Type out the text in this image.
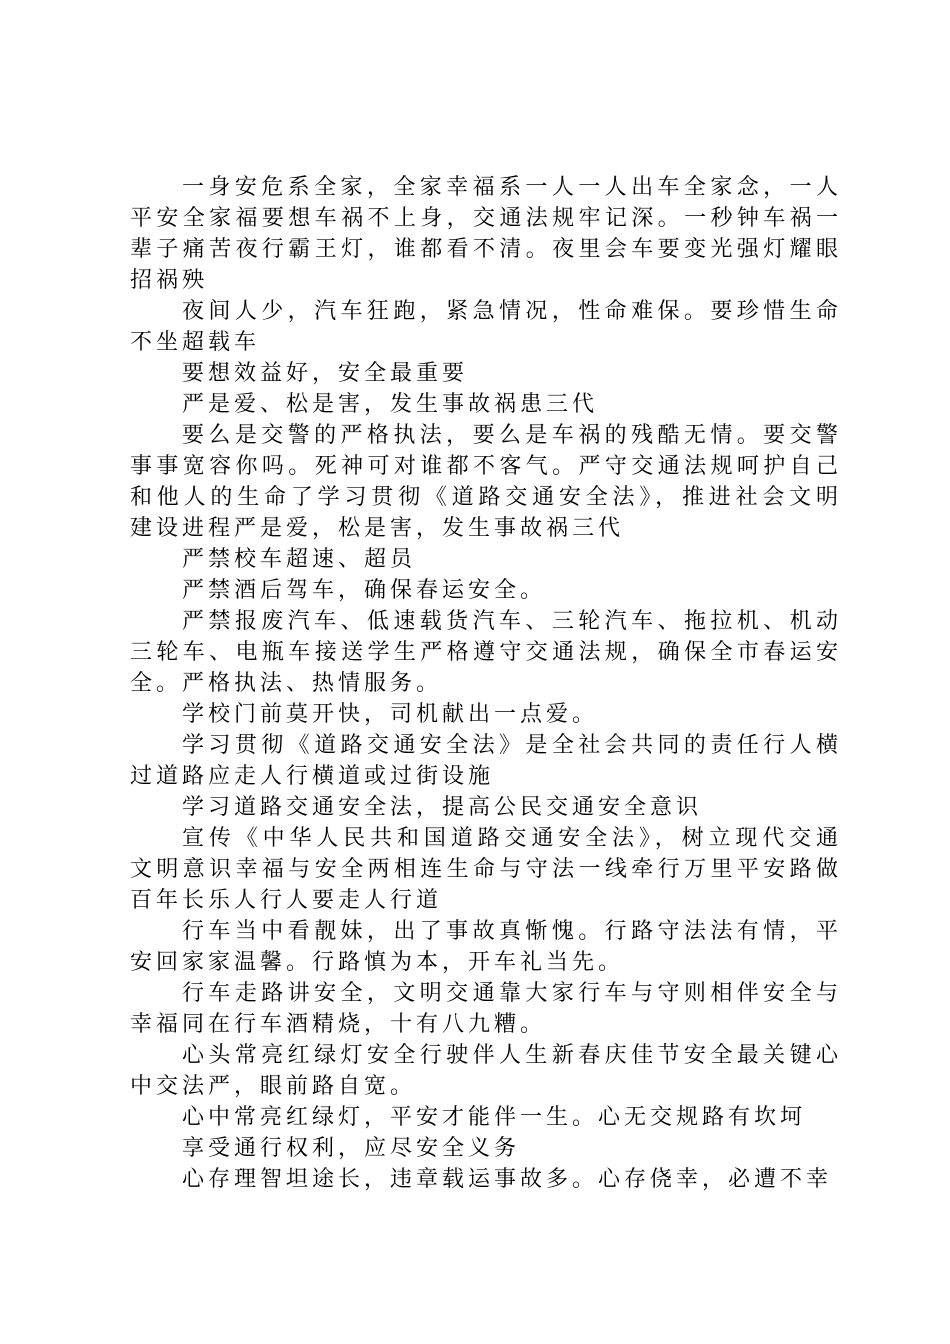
一身安危系全家，全家幸福系一人一人出车全家念，一人平安全家福要想车祸不上身，交通法规牢记深。一秒钟车祸一辈子痛苦夜行霸王灯，谁都看不清。夜里会车要变光强灯耀眼招祸殃

夜间人少，汽车狂跑，紧急情况，性命难保。要珍惜生命不坐超载车

要想效益好，安全最重要

严是爱、松是害，发生事故祸患三代

要么是交警的严格执法，要么是车祸的残酷无情。要交警事事宽容你吗。死神可对谁都不客气。严守交通法规呵护自己和他人的生命了学习贯彻《道路交通安全法》，推进社会文明建设进程严是爱，松是害，发生事故祸三代

严禁校车超速、超员

严禁酒后驾车，确保春运安全。

严禁报废汽车、低速载货汽车、三轮汽车、拖拉机、机动三轮车、电瓶车接送学生严格遵守交通法规，确保全市春运安全。严格执法、热情服务。

学校门前莫开快，司机献出一点爱。

学习贯彻《道路交通安全法》是全社会共同的责任行人横过道路应走人行横道或过街设施

学习道路交通安全法，提高公民交通安全意识

宣传《中华人民共和国道路交通安全法》，树立现代交通文明意识幸福与安全两相连生命与守法一线牵行万里平安路做百年长乐人行人要走人行道

行车当中看靓妹，出了事故真惭愧。行路守法法有情，平安回家家温馨。行路慎为本，开车礼当先。

行车走路讲安全，文明交通靠大家行车与守则相伴安全与幸福同在行车酒精烧，十有八九糟。

心头常亮红绿灯安全行驶伴人生新春庆佳节安全最关键心中交法严，眼前路自宽。

心中常亮红绿灯，平安才能伴一生。心无交规路有坎坷

享受通行权利，应尽安全义务

心存理智坦途长，违章载运事故多。心存侥幸，必遭不幸
